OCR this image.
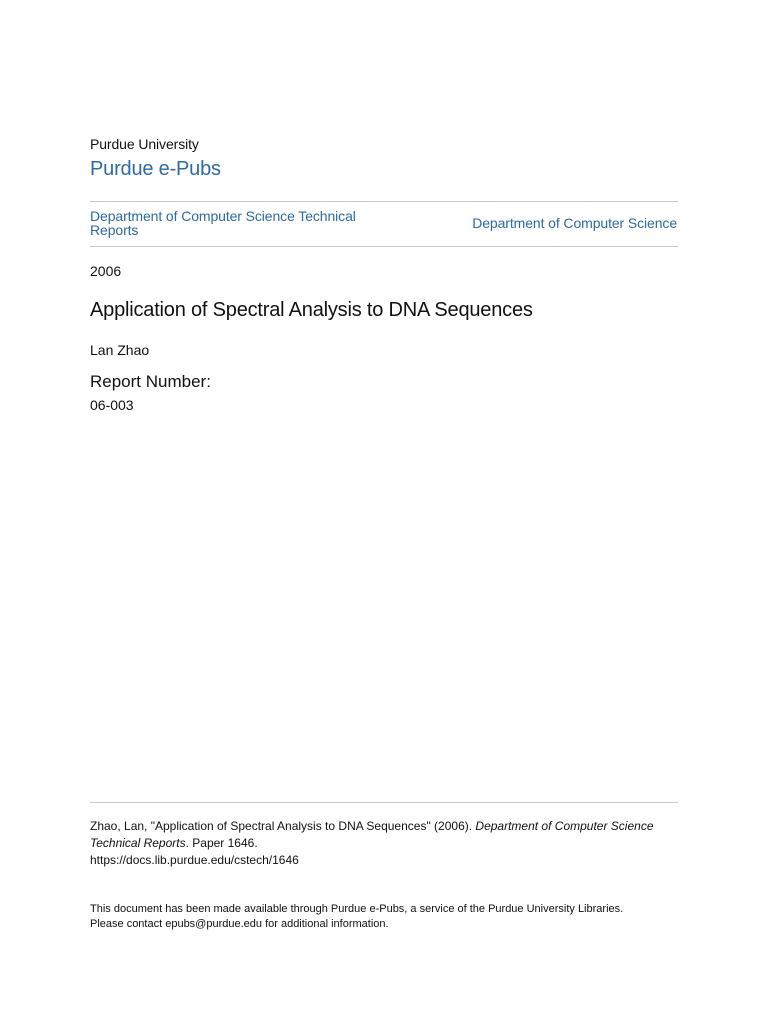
Purdue University
Purdue e-Pubs
Department of Computer Science Technical Reports	Department of Computer Science
2006
Application of Spectral Analysis to DNA Sequences
Lan Zhao
Report Number:
06-003
Zhao, Lan, "Application of Spectral Analysis to DNA Sequences" (2006). Department of Computer Science Technical Reports. Paper 1646.
https://docs.lib.purdue.edu/cstech/1646
This document has been made available through Purdue e-Pubs, a service of the Purdue University Libraries.
Please contact epubs@purdue.edu for additional information.
